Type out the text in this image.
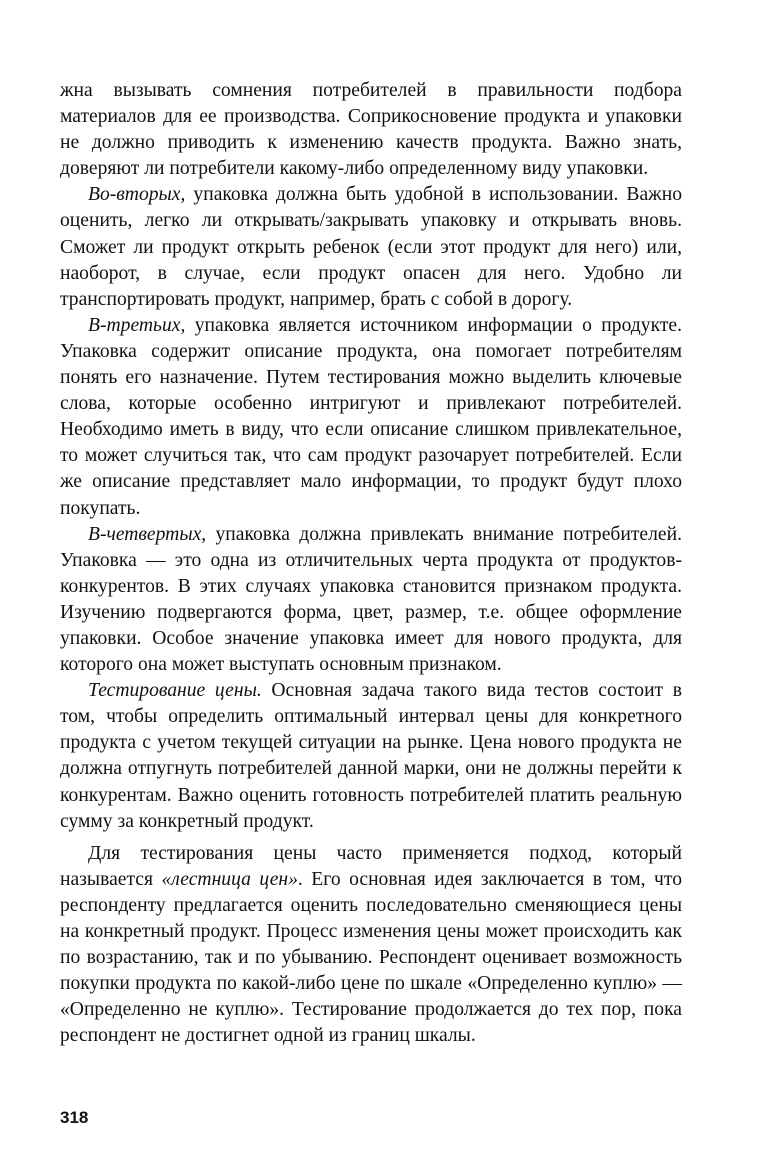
жна вызывать сомнения потребителей в правильности подбора материалов для ее производства. Соприкосновение продукта и упаковки не должно приводить к изменению качеств продукта. Важно знать, доверяют ли потребители какому-либо определенному виду упаковки.

Во-вторых, упаковка должна быть удобной в использовании. Важно оценить, легко ли открывать/закрывать упаковку и открывать вновь. Сможет ли продукт открыть ребенок (если этот продукт для него) или, наоборот, в случае, если продукт опасен для него. Удобно ли транспортировать продукт, например, брать с собой в дорогу.

В-третьих, упаковка является источником информации о продукте. Упаковка содержит описание продукта, она помогает потребителям понять его назначение. Путем тестирования можно выделить ключевые слова, которые особенно интригуют и привлекают потребителей. Необходимо иметь в виду, что если описание слишком привлекательное, то может случиться так, что сам продукт разочарует потребителей. Если же описание представляет мало информации, то продукт будут плохо покупать.

В-четвертых, упаковка должна привлекать внимание потребителей. Упаковка — это одна из отличительных черта продукта от продуктов-конкурентов. В этих случаях упаковка становится признаком продукта. Изучению подвергаются форма, цвет, размер, т.е. общее оформление упаковки. Особое значение упаковка имеет для нового продукта, для которого она может выступать основным признаком.

Тестирование цены. Основная задача такого вида тестов состоит в том, чтобы определить оптимальный интервал цены для конкретного продукта с учетом текущей ситуации на рынке. Цена нового продукта не должна отпугнуть потребителей данной марки, они не должны перейти к конкурентам. Важно оценить готовность потребителей платить реальную сумму за конкретный продукт.

Для тестирования цены часто применяется подход, который называется «лестница цен». Его основная идея заключается в том, что респонденту предлагается оценить последовательно сменяющиеся цены на конкретный продукт. Процесс изменения цены может происходить как по возрастанию, так и по убыванию. Респондент оценивает возможность покупки продукта по какой-либо цене по шкале «Определенно куплю» — «Определенно не куплю». Тестирование продолжается до тех пор, пока респондент не достигнет одной из границ шкалы.

318
